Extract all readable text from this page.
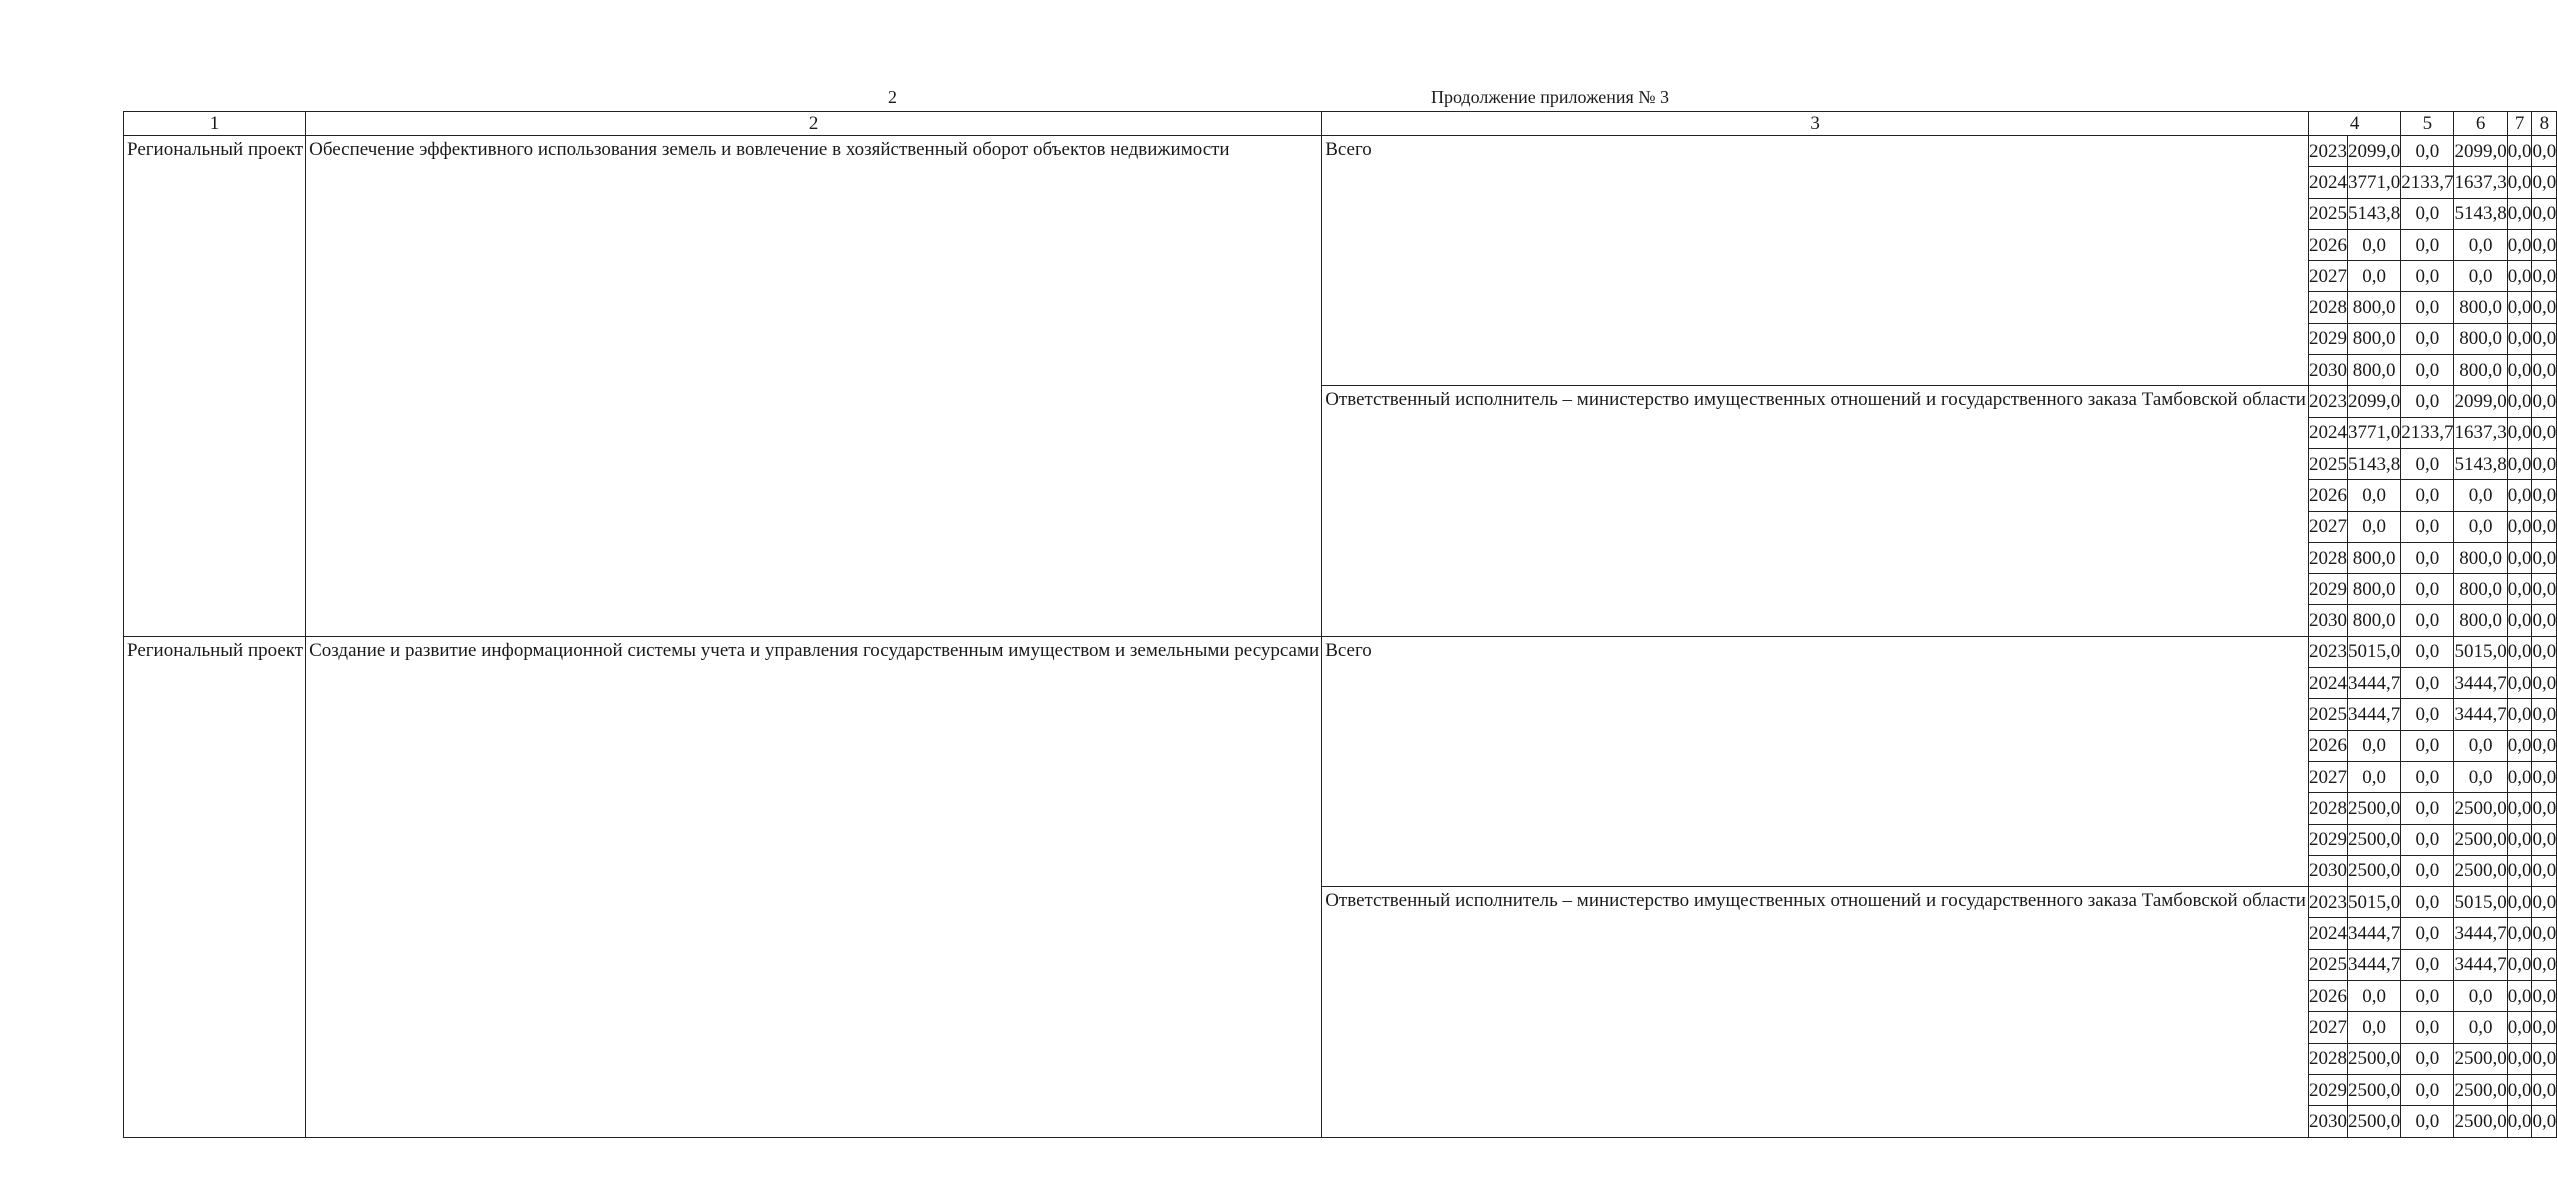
2	Продолжение приложения № 3
1	2	3	4		5	6	7	8
Региональный проект	Обеспечение эффективного использования земель и вовлечение в хозяйственный оборот объектов недвижимости	Всего	2023	2099,0	0,0	2099,0	0,0	0,0
			2024	3771,0	2133,7	1637,3	0,0	0,0
			2025	5143,8	0,0	5143,8	0,0	0,0
			2026	0,0	0,0	0,0	0,0	0,0
			2027	0,0	0,0	0,0	0,0	0,0
			2028	800,0	0,0	800,0	0,0	0,0
			2029	800,0	0,0	800,0	0,0	0,0
			2030	800,0	0,0	800,0	0,0	0,0
		Ответственный исполнитель – министерство имущественных отношений и государственного заказа Тамбовской области	2023	2099,0	0,0	2099,0	0,0	0,0
			2024	3771,0	2133,7	1637,3	0,0	0,0
			2025	5143,8	0,0	5143,8	0,0	0,0
			2026	0,0	0,0	0,0	0,0	0,0
			2027	0,0	0,0	0,0	0,0	0,0
			2028	800,0	0,0	800,0	0,0	0,0
			2029	800,0	0,0	800,0	0,0	0,0
			2030	800,0	0,0	800,0	0,0	0,0
Региональный проект	Создание и развитие информационной системы учета и управления государственным имуществом и земельными ресурсами	Всего	2023	5015,0	0,0	5015,0	0,0	0,0
			2024	3444,7	0,0	3444,7	0,0	0,0
			2025	3444,7	0,0	3444,7	0,0	0,0
			2026	0,0	0,0	0,0	0,0	0,0
			2027	0,0	0,0	0,0	0,0	0,0
			2028	2500,0	0,0	2500,0	0,0	0,0
			2029	2500,0	0,0	2500,0	0,0	0,0
			2030	2500,0	0,0	2500,0	0,0	0,0
		Ответственный исполнитель – министерство имущественных отношений и государственного заказа Тамбовской области	2023	5015,0	0,0	5015,0	0,0	0,0
			2024	3444,7	0,0	3444,7	0,0	0,0
			2025	3444,7	0,0	3444,7	0,0	0,0
			2026	0,0	0,0	0,0	0,0	0,0
			2027	0,0	0,0	0,0	0,0	0,0
			2028	2500,0	0,0	2500,0	0,0	0,0
			2029	2500,0	0,0	2500,0	0,0	0,0
			2030	2500,0	0,0	2500,0	0,0	0,0
